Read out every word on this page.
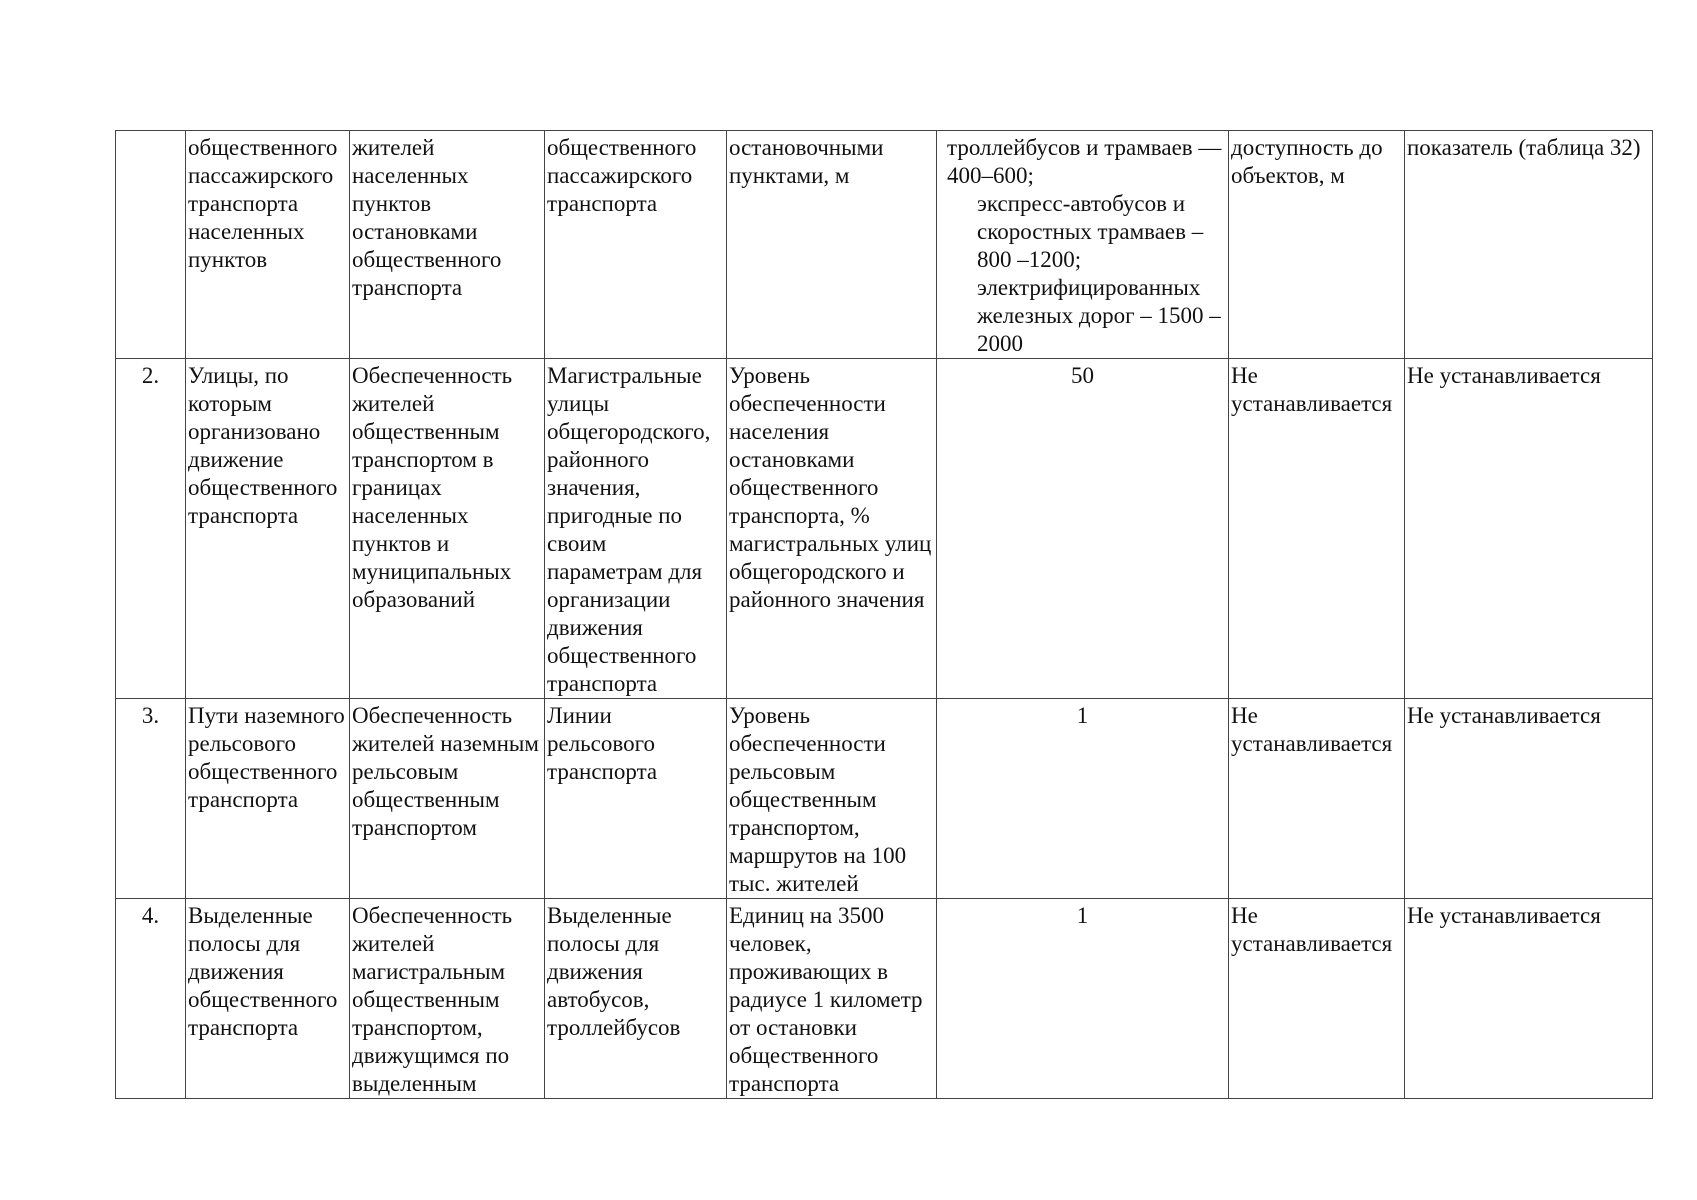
	общественного пассажирского транспорта населенных пунктов	жителей населенных пунктов остановками общественного транспорта	общественного пассажирского транспорта	остановочными пунктами, м	троллейбусов и трамваев — 400–600;
экспресс-автобусов и скоростных трамваев – 800 –1200;
электрифицированных железных дорог – 1500 – 2000	доступность до объектов, м	показатель (таблица 32)
2.	Улицы, по которым организовано движение общественного транспорта	Обеспеченность жителей общественным транспортом в границах населенных пунктов и муниципальных образований	Магистральные улицы общегородского, районного значения, пригодные по своим параметрам для организации движения общественного транспорта	Уровень обеспеченности населения остановками общественного транспорта, % магистральных улиц общегородского и районного значения	50	Не устанавливается	Не устанавливается
3.	Пути наземного рельсового общественного транспорта	Обеспеченность жителей наземным рельсовым общественным транспортом	Линии рельсового транспорта	Уровень обеспеченности рельсовым общественным транспортом, маршрутов на 100 тыс. жителей	1	Не устанавливается	Не устанавливается
4.	Выделенные полосы для движения общественного транспорта	Обеспеченность жителей магистральным общественным транспортом, движущимся по выделенным	Выделенные полосы для движения автобусов, троллейбусов	Единиц на 3500 человек, проживающих в радиусе 1 километр от остановки общественного транспорта	1	Не устанавливается	Не устанавливается
